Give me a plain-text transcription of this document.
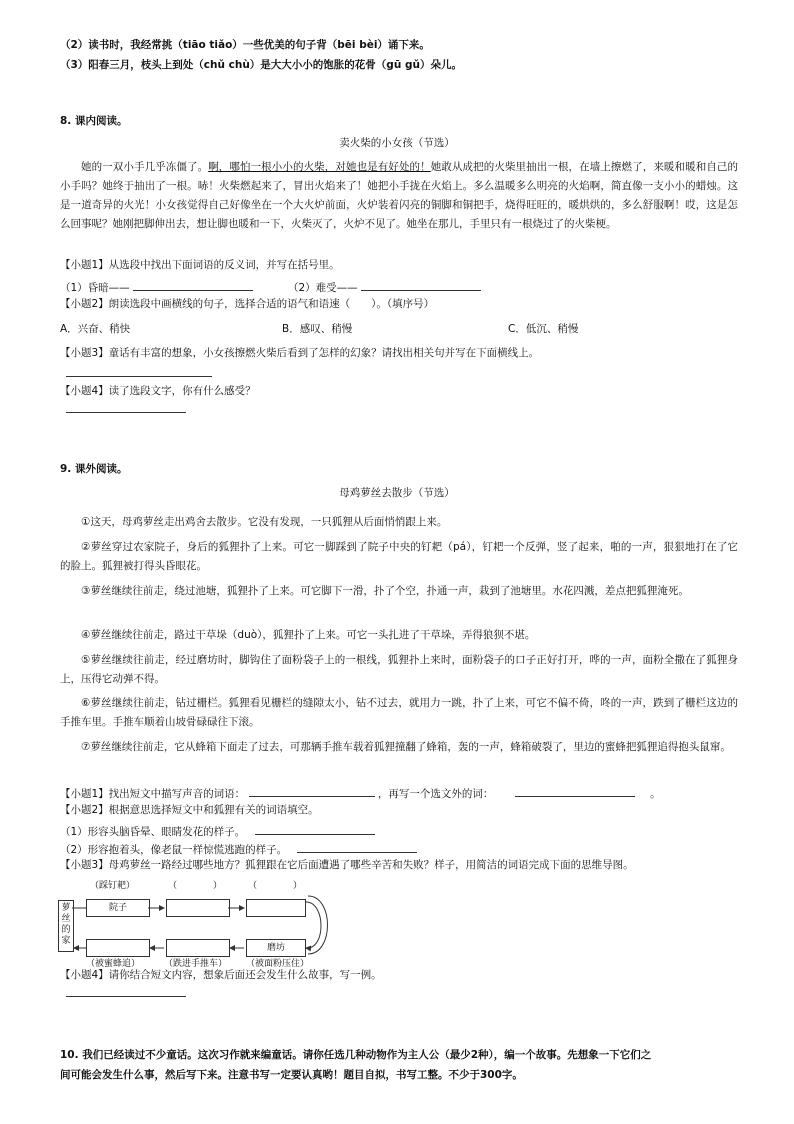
（2）读书时，我经常挑（tiāo tiǎo）一些优美的句子背（bēi bèi）诵下来。
（3）阳春三月，枝头上到处（chǔ chù）是大大小小的饱胀的花骨（gū gǔ）朵儿。
8. 课内阅读。
卖火柴的小女孩（节选）
她的一双小手几乎冻僵了。啊，哪怕一根小小的火柴，对她也是有好处的！她敢从成把的火柴里抽出一根，在墙上擦燃了，来暖和暖和自己的小手吗？她终于抽出了一根。哧！火柴燃起来了，冒出火焰来了！她把小手拢在火焰上。多么温暖多么明亮的火焰啊，简直像一支小小的蜡烛。这是一道奇异的火光！小女孩觉得自己好像坐在一个大火炉前面，火炉装着闪亮的铜脚和铜把手，烧得旺旺的，暖烘烘的，多么舒服啊！哎，这是怎么回事呢？她刚把脚伸出去，想让脚也暖和一下，火柴灭了，火炉不见了。她坐在那儿，手里只有一根烧过了的火柴梗。
【小题1】从选段中找出下面词语的反义词，并写在括号里。
（1）昏暗——	（2）难受——
【小题2】朗读选段中画横线的句子，选择合适的语气和语速（　　）。（填序号）
A．兴奋、稍快	B．感叹、稍慢	C．低沉、稍慢
【小题3】童话有丰富的想象，小女孩擦燃火柴后看到了怎样的幻象？请找出相关句并写在下面横线上。
【小题4】读了选段文字，你有什么感受？
9. 课外阅读。
母鸡萝丝去散步（节选）
①这天，母鸡萝丝走出鸡舍去散步。它没有发现，一只狐狸从后面悄悄跟上来。
②萝丝穿过农家院子，身后的狐狸扑了上来。可它一脚踩到了院子中央的钉耙（pá），钉耙一个反弹，竖了起来，啪的一声，狠狠地打在了它的脸上。狐狸被打得头昏眼花。
③萝丝继续往前走，绕过池塘，狐狸扑了上来。可它脚下一滑，扑了个空，扑通一声，栽到了池塘里。水花四溅，差点把狐狸淹死。
④萝丝继续往前走，路过干草垛（duò），狐狸扑了上来。可它一头扎进了干草垛，弄得狼狈不堪。
⑤萝丝继续往前走，经过磨坊时，脚钩住了面粉袋子上的一根线，狐狸扑上来时，面粉袋子的口子正好打开，哗的一声，面粉全撒在了狐狸身上，压得它动弹不得。
⑥萝丝继续往前走，钻过栅栏。狐狸看见栅栏的缝隙太小，钻不过去，就用力一跳，扑了上来，可它不偏不倚，咚的一声，跌到了栅栏这边的手推车里。手推车顺着山坡骨碌碌往下滚。
⑦萝丝继续往前走，它从蜂箱下面走了过去，可那辆手推车载着狐狸撞翻了蜂箱，轰的一声，蜂箱破裂了，里边的蜜蜂把狐狸追得抱头鼠窜。
【小题1】找出短文中描写声音的词语：	，再写一个选文外的词：	。
【小题2】根据意思选择短文中和狐狸有关的词语填空。
（1）形容头脑昏晕、眼睛发花的样子。
（2）形容抱着头，像老鼠一样惊慌逃跑的样子。
【小题3】母鸡萝丝一路经过哪些地方？狐狸跟在它后面遭遇了哪些辛苦和失败？样子，用简洁的词语完成下面的思维导图。
萝丝的家
（踩钉耙）	（　　　　）	（　　　　）
院子
磨坊
（被蜜蜂追）	（跌进手推车） （被面粉压住）
【小题4】请你结合短文内容，想象后面还会发生什么故事，写一例。
10. 我们已经读过不少童话。这次习作就来编童话。请你任选几种动物作为主人公（最少2种），编一个故事。先想象一下它们之
间可能会发生什么事，然后写下来。注意书写一定要认真哟！题目自拟，书写工整。不少于300字。
